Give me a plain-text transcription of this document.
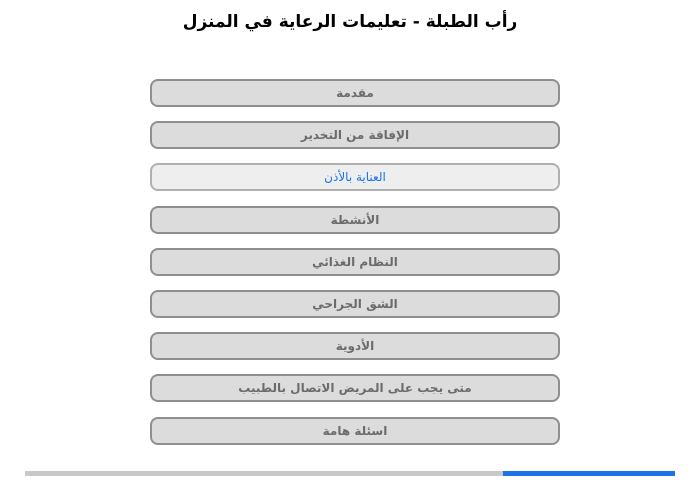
رأب الطبلة - تعليمات الرعاية في المنزل
مقدمة
الإفاقة من التخدير
العناية بالأذن
الأنشطة
النظام الغذائي
الشق الجراحي
الأدوية
متى يجب على المريض الاتصال بالطبيب
اسئلة هامة
